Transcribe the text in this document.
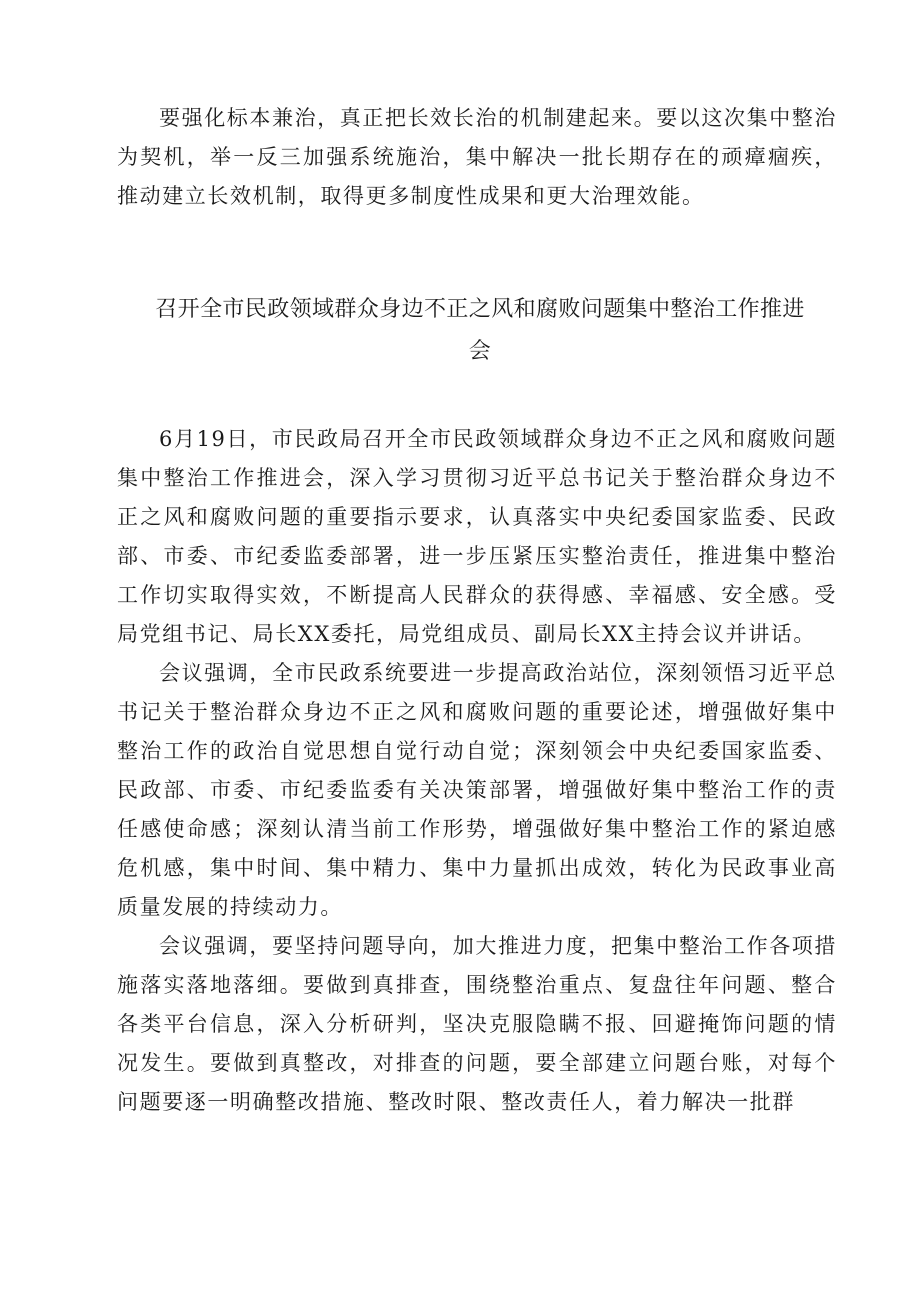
要强化标本兼治，真正把长效长治的机制建起来。要以这次集中整治为契机，举一反三加强系统施治，集中解决一批长期存在的顽瘴痼疾，推动建立长效机制，取得更多制度性成果和更大治理效能。

召开全市民政领域群众身边不正之风和腐败问题集中整治工作推进会

6月19日，市民政局召开全市民政领域群众身边不正之风和腐败问题集中整治工作推进会，深入学习贯彻习近平总书记关于整治群众身边不正之风和腐败问题的重要指示要求，认真落实中央纪委国家监委、民政部、市委、市纪委监委部署，进一步压紧压实整治责任，推进集中整治工作切实取得实效，不断提高人民群众的获得感、幸福感、安全感。受局党组书记、局长XX委托，局党组成员、副局长XX主持会议并讲话。

会议强调，全市民政系统要进一步提高政治站位，深刻领悟习近平总书记关于整治群众身边不正之风和腐败问题的重要论述，增强做好集中整治工作的政治自觉思想自觉行动自觉；深刻领会中央纪委国家监委、民政部、市委、市纪委监委有关决策部署，增强做好集中整治工作的责任感使命感；深刻认清当前工作形势，增强做好集中整治工作的紧迫感危机感，集中时间、集中精力、集中力量抓出成效，转化为民政事业高质量发展的持续动力。

会议强调，要坚持问题导向，加大推进力度，把集中整治工作各项措施落实落地落细。要做到真排查，围绕整治重点、复盘往年问题、整合各类平台信息，深入分析研判，坚决克服隐瞒不报、回避掩饰问题的情况发生。要做到真整改，对排查的问题，要全部建立问题台账，对每个问题要逐一明确整改措施、整改时限、整改责任人，着力解决一批群
